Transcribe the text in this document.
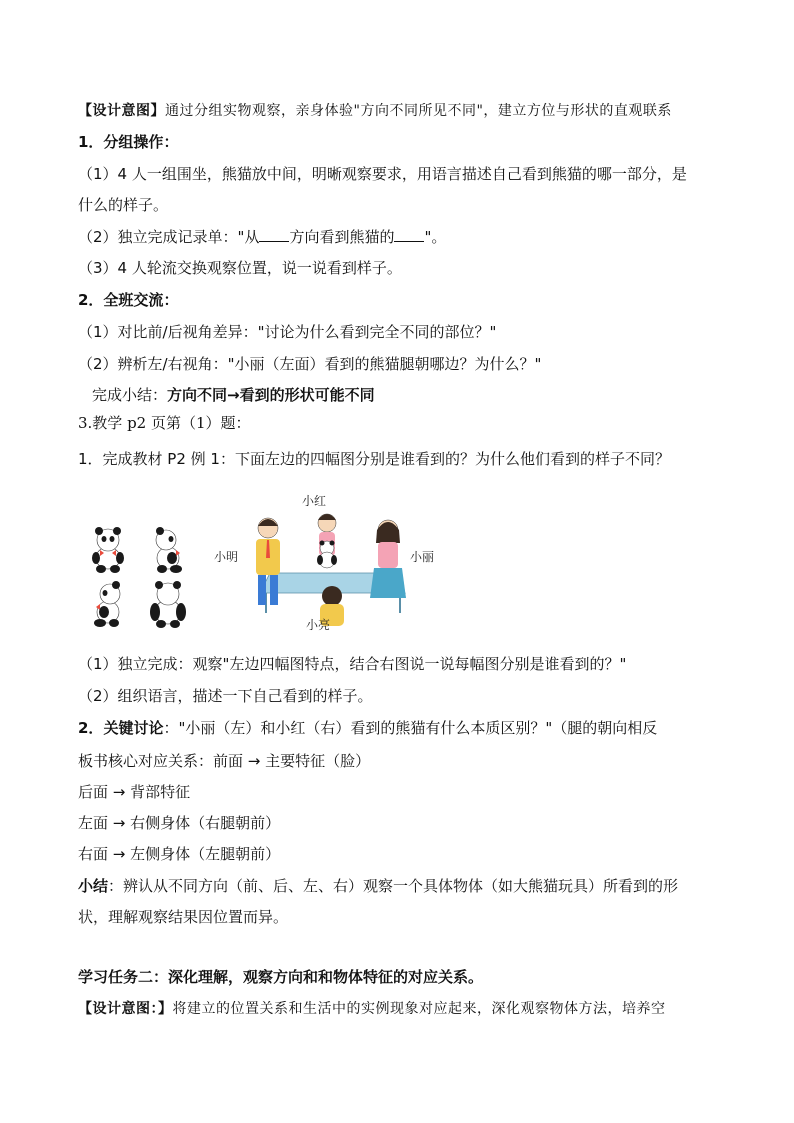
【设计意图】通过分组实物观察，亲身体验"方向不同所见不同"，建立方位与形状的直观联系
1．分组操作：
（1）4 人一组围坐，熊猫放中间，明晰观察要求，用语言描述自己看到熊猫的哪一部分，是
什么的样子。
（2）独立完成记录单："从 方向看到熊猫的 "。
（3）4 人轮流交换观察位置，说一说看到样子。
2．全班交流：
（1）对比前/后视角差异："讨论为什么看到完全不同的部位？"
（2）辨析左/右视角："小丽（左面）看到的熊猫腿朝哪边？为什么？"
完成小结：方向不同→看到的形状可能不同
3.教学 p2 页第（1）题：
1．完成教材 P2 例 1：下面左边的四幅图分别是谁看到的？为什么他们看到的样子不同？
小红
小明	小丽
小亮
（1）独立完成：观察"左边四幅图特点，结合右图说一说每幅图分别是谁看到的？"
（2）组织语言，描述一下自己看到的样子。
2．关键讨论："小丽（左）和小红（右）看到的熊猫有什么本质区别？"（腿的朝向相反
板书核心对应关系：前面 → 主要特征（脸）
后面 → 背部特征
左面 → 右侧身体（右腿朝前）
右面 → 左侧身体（左腿朝前）
小结：辨认从不同方向（前、后、左、右）观察一个具体物体（如大熊猫玩具）所看到的形
状，理解观察结果因位置而异。
学习任务二：深化理解，观察方向和和物体特征的对应关系。
【设计意图：】将建立的位置关系和生活中的实例现象对应起来，深化观察物体方法，培养空
